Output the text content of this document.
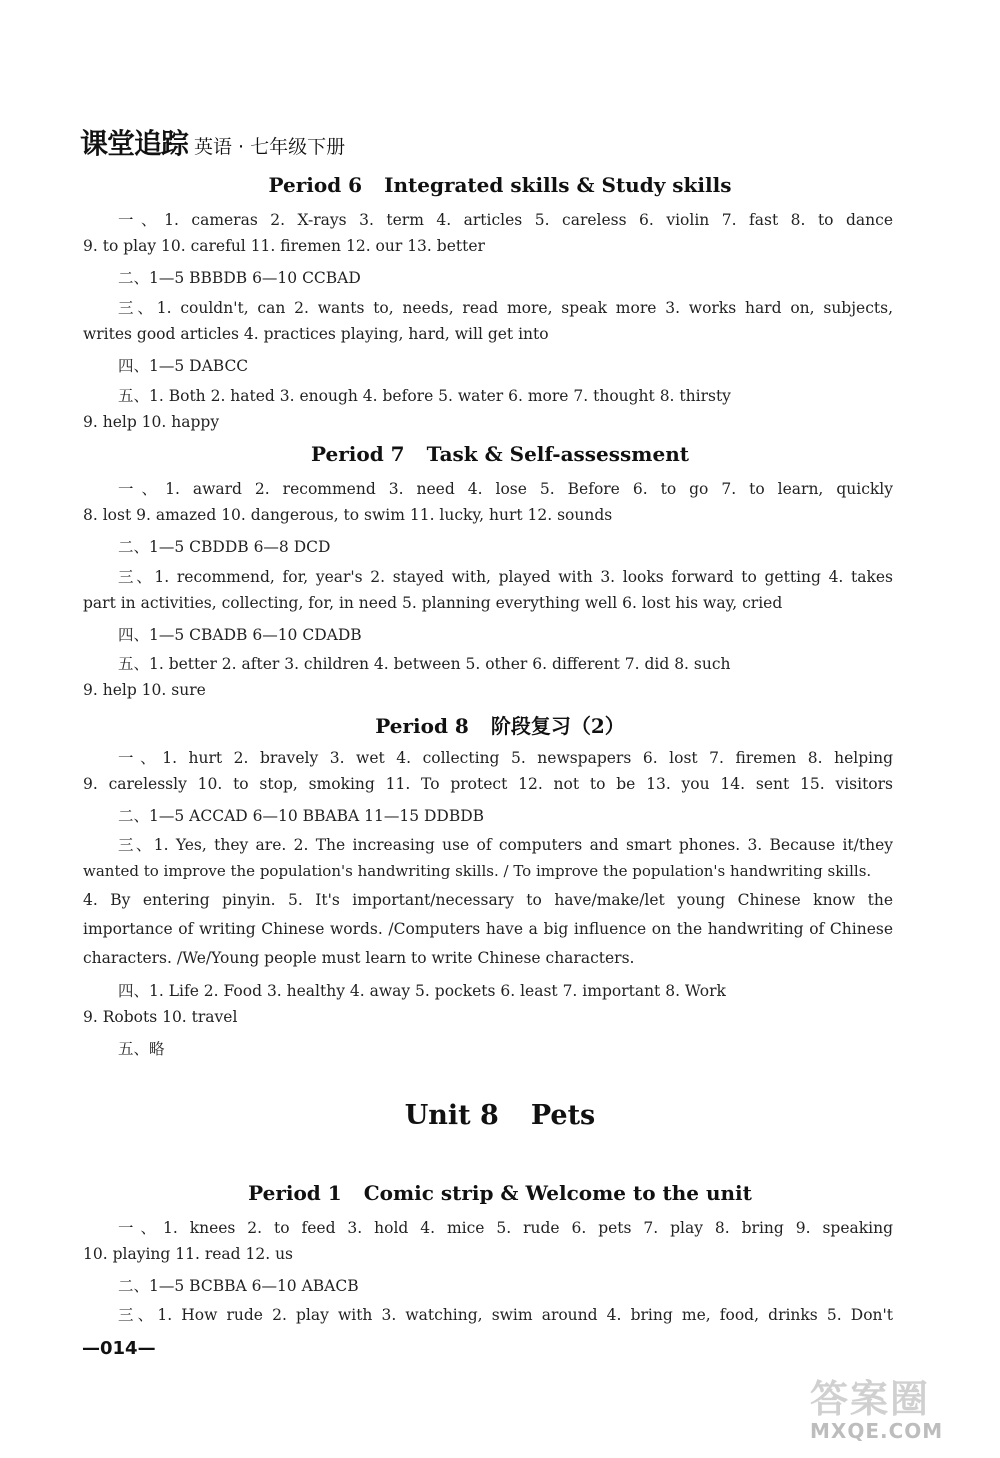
课堂追踪 英语 · 七年级下册
Period 6 Integrated skills & Study skills
一、1. cameras 2. X-rays 3. term 4. articles 5. careless 6. violin 7. fast 8. to dance
9. to play 10. careful 11. firemen 12. our 13. better
二、1—5 BBBDB 6—10 CCBAD
三、1. couldn't, can 2. wants to, needs, read more, speak more 3. works hard on, subjects,
writes good articles 4. practices playing, hard, will get into
四、1—5 DABCC
五、1. Both 2. hated 3. enough 4. before 5. water 6. more 7. thought 8. thirsty
9. help 10. happy
Period 7 Task & Self-assessment
一、1. award 2. recommend 3. need 4. lose 5. Before 6. to go 7. to learn, quickly
8. lost 9. amazed 10. dangerous, to swim 11. lucky, hurt 12. sounds
二、1—5 CBDDB 6—8 DCD
三、1. recommend, for, year's 2. stayed with, played with 3. looks forward to getting 4. takes
part in activities, collecting, for, in need 5. planning everything well 6. lost his way, cried
四、1—5 CBADB 6—10 CDADB
五、1. better 2. after 3. children 4. between 5. other 6. different 7. did 8. such
9. help 10. sure
Period 8 阶段复习（2）
一、1. hurt 2. bravely 3. wet 4. collecting 5. newspapers 6. lost 7. firemen 8. helping
9. carelessly 10. to stop, smoking 11. To protect 12. not to be 13. you 14. sent 15. visitors
二、1—5 ACCAD 6—10 BBABA 11—15 DDBDB
三、1. Yes, they are. 2. The increasing use of computers and smart phones. 3. Because it/they
wanted to improve the population's handwriting skills. / To improve the population's handwriting skills.
4. By entering pinyin. 5. It's important/necessary to have/make/let young Chinese know the
importance of writing Chinese words. /Computers have a big influence on the handwriting of Chinese
characters. /We/Young people must learn to write Chinese characters.
四、1. Life 2. Food 3. healthy 4. away 5. pockets 6. least 7. important 8. Work
9. Robots 10. travel
五、略
Unit 8 Pets
Period 1 Comic strip & Welcome to the unit
一、1. knees 2. to feed 3. hold 4. mice 5. rude 6. pets 7. play 8. bring 9. speaking
10. playing 11. read 12. us
二、1—5 BCBBA 6—10 ABACB
三、1. How rude 2. play with 3. watching, swim around 4. bring me, food, drinks 5. Don't
—014—
答案圈
MXQE.COM
